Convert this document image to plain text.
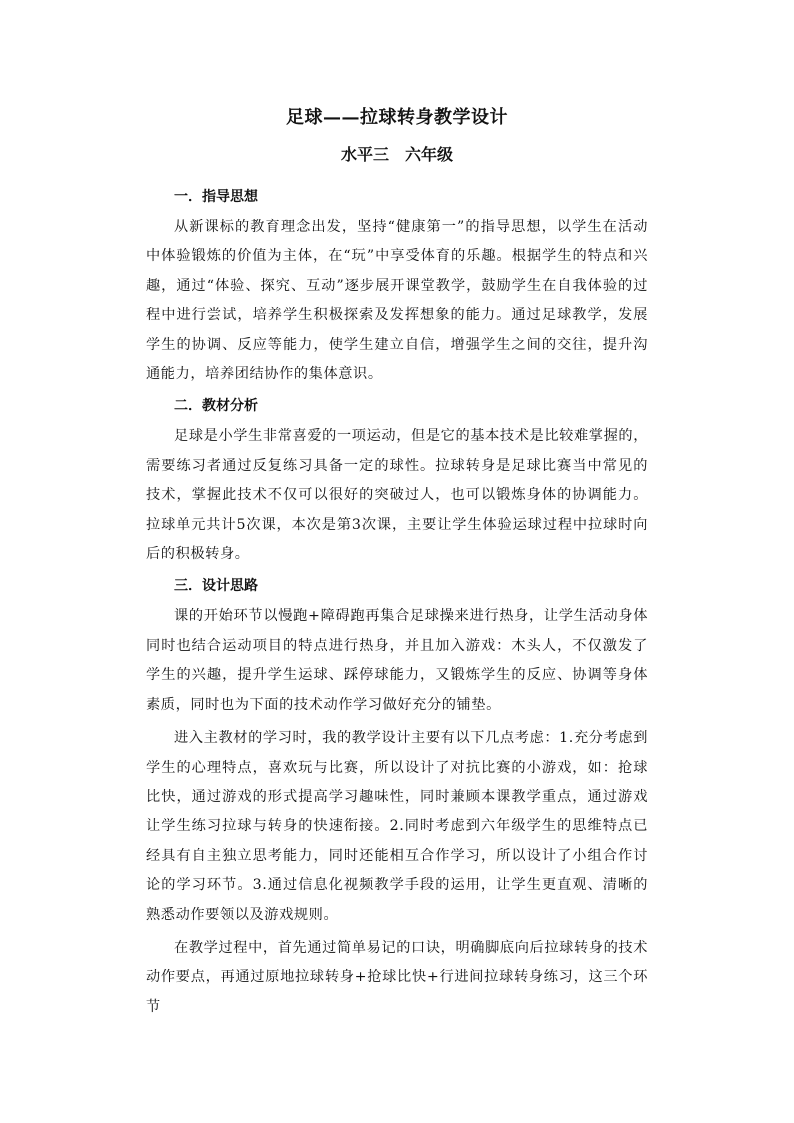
足球——拉球转身教学设计
水平三　六年级
一．指导思想

从新课标的教育理念出发，坚持“健康第一”的指导思想，以学生在活动中体验锻炼的价值为主体，在“玩”中享受体育的乐趣。根据学生的特点和兴趣，通过“体验、探究、互动”逐步展开课堂教学，鼓励学生在自我体验的过程中进行尝试，培养学生积极探索及发挥想象的能力。通过足球教学，发展学生的协调、反应等能力，使学生建立自信，增强学生之间的交往，提升沟通能力，培养团结协作的集体意识。

二．教材分析

足球是小学生非常喜爱的一项运动，但是它的基本技术是比较难掌握的，需要练习者通过反复练习具备一定的球性。拉球转身是足球比赛当中常见的技术，掌握此技术不仅可以很好的突破过人，也可以锻炼身体的协调能力。拉球单元共计5次课，本次是第3次课，主要让学生体验运球过程中拉球时向后的积极转身。

三．设计思路

课的开始环节以慢跑+障碍跑再集合足球操来进行热身，让学生活动身体同时也结合运动项目的特点进行热身，并且加入游戏：木头人，不仅激发了学生的兴趣，提升学生运球、踩停球能力，又锻炼学生的反应、协调等身体素质，同时也为下面的技术动作学习做好充分的铺垫。

进入主教材的学习时，我的教学设计主要有以下几点考虑：1.充分考虑到学生的心理特点，喜欢玩与比赛，所以设计了对抗比赛的小游戏，如：抢球比快，通过游戏的形式提高学习趣味性，同时兼顾本课教学重点，通过游戏让学生练习拉球与转身的快速衔接。2.同时考虑到六年级学生的思维特点已经具有自主独立思考能力，同时还能相互合作学习，所以设计了小组合作讨论的学习环节。3.通过信息化视频教学手段的运用，让学生更直观、清晰的熟悉动作要领以及游戏规则。

在教学过程中，首先通过简单易记的口诀，明确脚底向后拉球转身的技术动作要点，再通过原地拉球转身+抢球比快+行进间拉球转身练习，这三个环节
